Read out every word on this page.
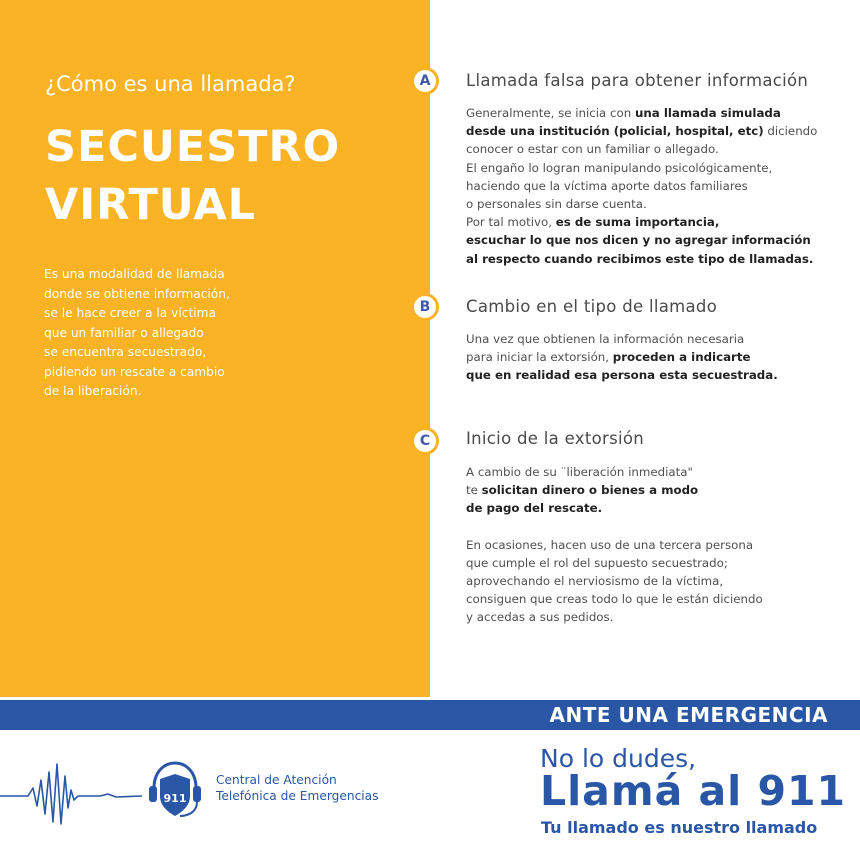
¿Cómo es una llamada?
SECUESTRO
VIRTUAL
Es una modalidad de llamada
donde se obtiene información,
se le hace creer a la víctima
que un familiar o allegado
se encuentra secuestrado,
pidiendo un rescate a cambio
de la liberación.
A	Llamada falsa para obtener información
Generalmente, se inicia con una llamada simulada
desde una institución (policial, hospital, etc) diciendo
conocer o estar con un familiar o allegado.
El engaño lo logran manipulando psicológicamente,
haciendo que la víctima aporte datos familiares
o personales sin darse cuenta.
Por tal motivo, es de suma importancia,
escuchar lo que nos dicen y no agregar información
al respecto cuando recibimos este tipo de llamadas.
B	Cambio en el tipo de llamado
Una vez que obtienen la información necesaria
para iniciar la extorsión, proceden a indicarte
que en realidad esa persona esta secuestrada.
C	Inicio de la extorsión
A cambio de su ¨liberación inmediata"
te solicitan dinero o bienes a modo
de pago del rescate.
En ocasiones, hacen uso de una tercera persona
que cumple el rol del supuesto secuestrado;
aprovechando el nerviosismo de la víctima,
consiguen que creas todo lo que le están diciendo
y accedas a sus pedidos.
ANTE UNA EMERGENCIA
911
Central de Atención
Telefónica de Emergencias
No lo dudes,
Llamá al 911
Tu llamado es nuestro llamado
